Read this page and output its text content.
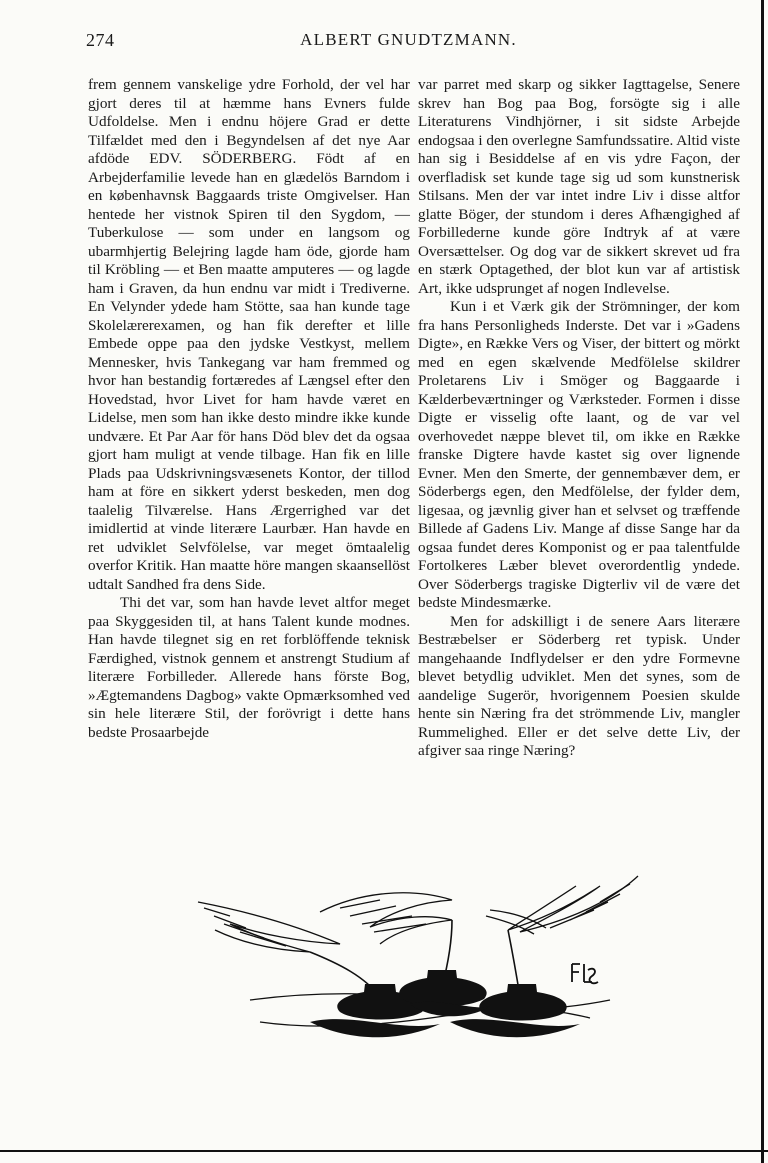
274	ALBERT GNUDTZMANN.

frem gennem vanskelige ydre Forhold, der vel har gjort deres til at hæmme hans Evners fulde Udfoldelse. Men i endnu höjere Grad er dette Tilfældet med den i Begyndelsen af det nye Aar afdöde EDV. SÖDERBERG. Födt af en Arbejderfamilie levede han en glædelös Barndom i en københavnsk Baggaards triste Omgivelser. Han hentede her vistnok Spiren til den Sygdom, — Tuberkulose — som under en langsom og ubarmhjertig Belejring lagde ham öde, gjorde ham til Kröbling — et Ben maatte amputeres — og lagde ham i Graven, da hun endnu var midt i Trediverne. En Velynder ydede ham Stötte, saa han kunde tage Skolelærerexamen, og han fik derefter et lille Embede oppe paa den jydske Vestkyst, mellem Mennesker, hvis Tankegang var ham fremmed og hvor han bestandig fortæredes af Længsel efter den Hovedstad, hvor Livet for ham havde været en Lidelse, men som han ikke desto mindre ikke kunde undvære. Et Par Aar för hans Död blev det da ogsaa gjort ham muligt at vende tilbage. Han fik en lille Plads paa Udskrivningsvæsenets Kontor, der tillod ham at före en sikkert yderst beskeden, men dog taalelig Tilværelse. Hans Ærgerrighed var det imidlertid at vinde literære Laurbær. Han havde en ret udviklet Selvfölelse, var meget ömtaalelig overfor Kritik. Han maatte höre mangen skaansellöst udtalt Sandhed fra dens Side.

Thi det var, som han havde levet altfor meget paa Skyggesiden til, at hans Talent kunde modnes. Han havde tilegnet sig en ret forblöffende teknisk Færdighed, vistnok gennem et anstrengt Studium af literære Forbilleder. Allerede hans förste Bog, »Ægtemandens Dagbog» vakte Opmærksomhed ved sin hele literære Stil, der forövrigt i dette hans bedste Prosaarbejde

var parret med skarp og sikker Iagttagelse, Senere skrev han Bog paa Bog, forsögte sig i alle Literaturens Vindhjörner, i sit sidste Arbejde endogsaa i den overlegne Samfundssatire. Altid viste han sig i Besiddelse af en vis ydre Façon, der overfladisk set kunde tage sig ud som kunstnerisk Stilsans. Men der var intet indre Liv i disse altfor glatte Böger, der stundom i deres Afhængighed af Forbillederne kunde göre Indtryk af at være Oversættelser. Og dog var de sikkert skrevet ud fra en stærk Optagethed, der blot kun var af artistisk Art, ikke udsprunget af nogen Indlevelse.

Kun i et Værk gik der Strömninger, der kom fra hans Personligheds Inderste. Det var i »Gadens Digte», en Række Vers og Viser, der bittert og mörkt med en egen skælvende Medfölelse skildrer Proletarens Liv i Smöger og Baggaarde i Kælderbeværtninger og Værksteder. Formen i disse Digte er visselig ofte laant, og de var vel overhovedet næppe blevet til, om ikke en Række franske Digtere havde kastet sig over lignende Evner. Men den Smerte, der gennembæver dem, er Söderbergs egen, den Medfölelse, der fylder dem, ligesaa, og jævnlig giver han et selvset og træffende Billede af Gadens Liv. Mange af disse Sange har da ogsaa fundet deres Komponist og er paa talentfulde Fortolkeres Læber blevet overordentlig yndede. Over Söderbergs tragiske Digterliv vil de være det bedste Mindesmærke.

Men for adskilligt i de senere Aars literære Bestræbelser er Söderberg ret typisk. Under mangehaande Indflydelser er den ydre Formevne blevet betydlig udviklet. Men det synes, som de aandelige Sugerör, hvorigennem Poesien skulde hente sin Næring fra det strömmende Liv, mangler Rummelighed. Eller er det selve dette Liv, der afgiver saa ringe Næring?
